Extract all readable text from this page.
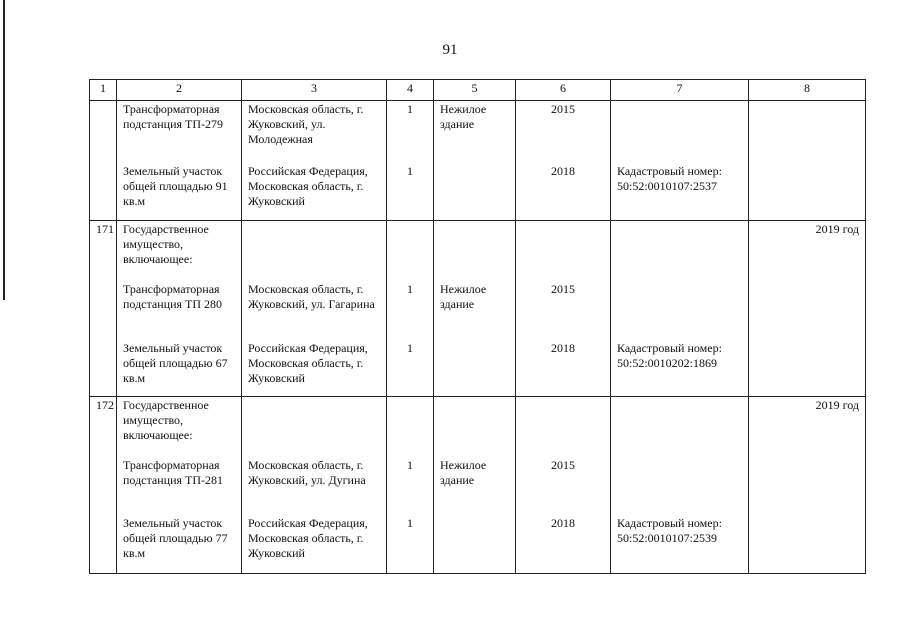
91
1	2	3	4	5	6	7	8
	Трансформаторная подстанция ТП-279	Московская область, г. Жуковский, ул. Молодежная	1	Нежилое здание	2015		
	Земельный участок общей площадью 91 кв.м	Российская Федерация, Московская область, г. Жуковский	1		2018	Кадастровый номер: 50:52:0010107:2537	
171	Государственное имущество, включающее:						2019 год
	Трансформаторная подстанция ТП 280	Московская область, г. Жуковский, ул. Гагарина	1	Нежилое здание	2015		
	Земельный участок общей площадью 67 кв.м	Российская Федерация, Московская область, г. Жуковский	1		2018	Кадастровый номер: 50:52:0010202:1869	
172	Государственное имущество, включающее:						2019 год
	Трансформаторная подстанция ТП-281	Московская область, г. Жуковский, ул. Дугина	1	Нежилое здание	2015		
	Земельный участок общей площадью 77 кв.м	Российская Федерация, Московская область, г. Жуковский	1		2018	Кадастровый номер: 50:52:0010107:2539	
